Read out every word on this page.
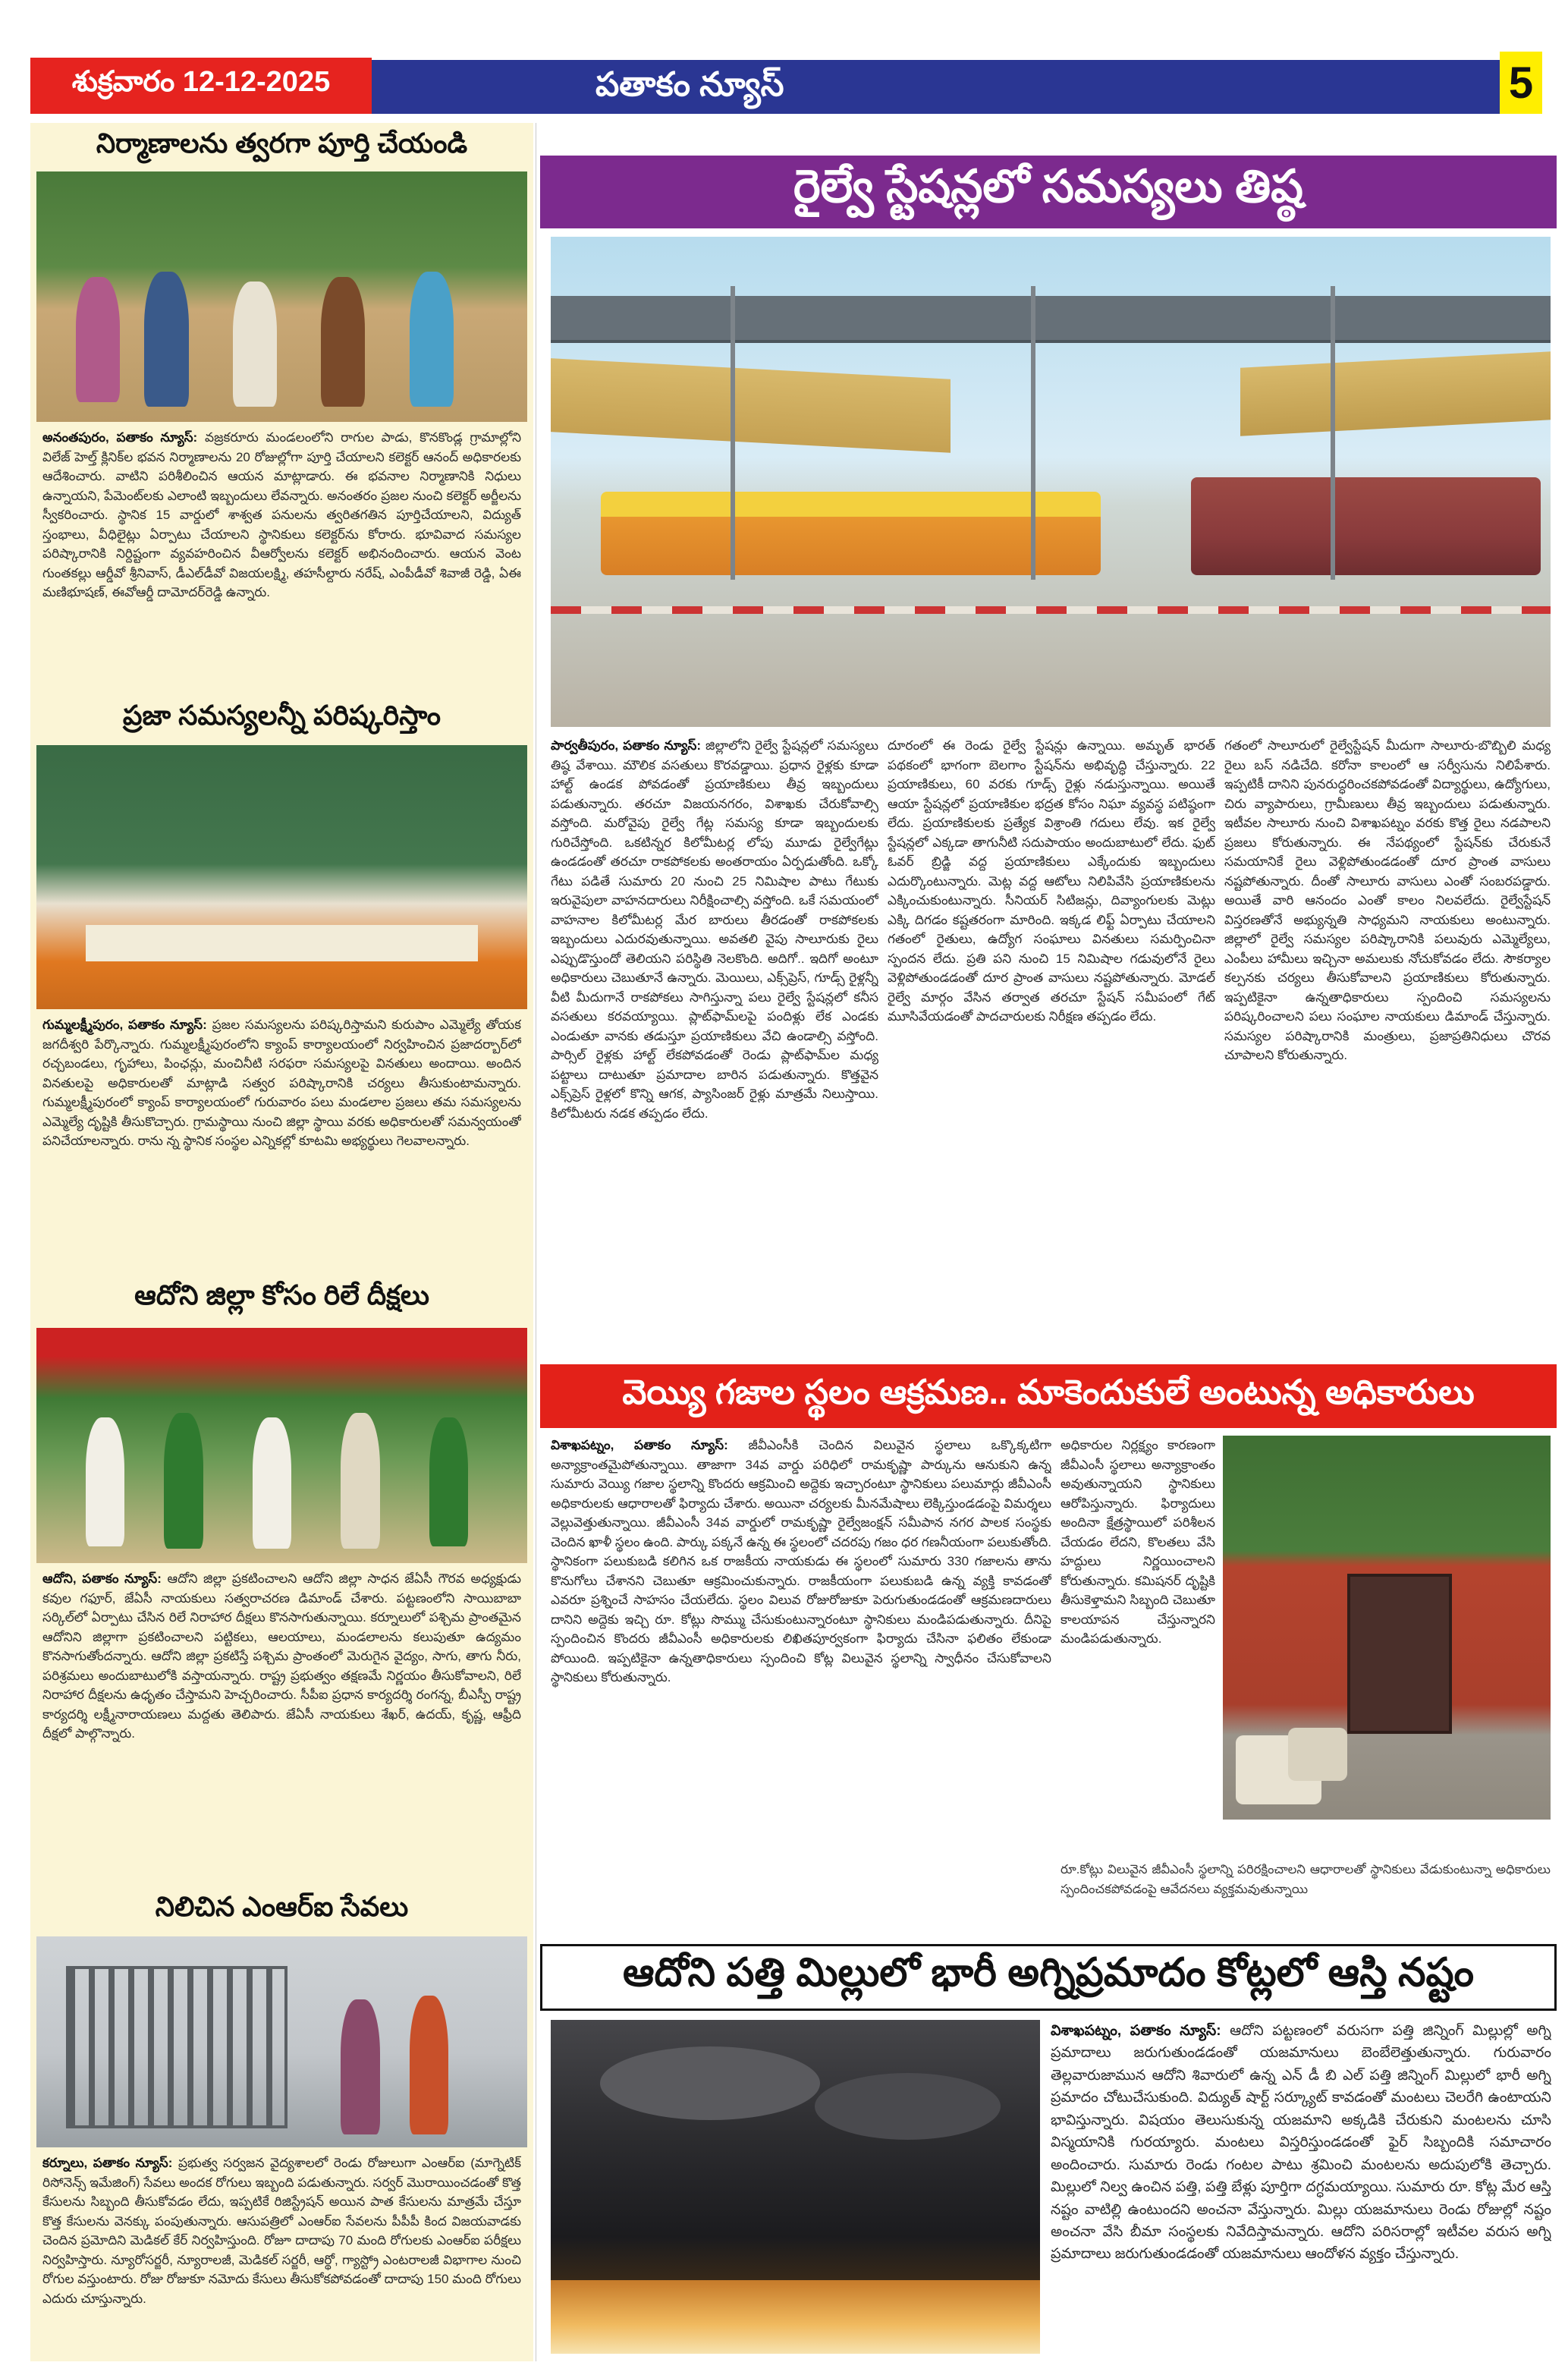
శుక్రవారం 12-12-2025	పతాకం న్యూస్	5
నిర్మాణాలను త్వరగా పూర్తి చేయండి

అనంతపురం, పతాకం న్యూస్: వజ్రకరూరు మండలంలోని రాగుల పాడు, కొనకొండ్ల గ్రామాల్లోని విలేజ్ హెల్త్ క్లినిక్‌ల భవన నిర్మాణాలను 20 రోజుల్లోగా పూర్తి చేయాలని కలెక్టర్ ఆనంద్ అధికారలకు ఆదేశించారు. వాటిని పరిశీలించిన ఆయన మాట్లాడారు. ఈ భవనాల నిర్మాణానికి నిధులు ఉన్నాయని, పేమెంట్‌లకు ఎలాంటి ఇబ్బందులు లేవన్నారు. అనంతరం ప్రజల నుంచి కలెక్టర్ అర్జీలను స్వీకరించారు. స్థానిక 15 వార్డులో శాశ్వత పనులను త్వరితగతిన పూర్తిచేయాలని, విద్యుత్ స్తంభాలు, వీధిలైట్లు ఏర్పాటు చేయాలని స్థానికులు కలెక్టర్‌ను కోరారు. భూవివాద సమస్యల పరిష్కారానికి నిర్దిష్టంగా వ్యవహరించిన వీఆర్వోలను కలెక్టర్ అభినందించారు. ఆయన వెంట గుంతకల్లు ఆర్డీవో శ్రీనివాస్, డీఎల్‌డీవో విజయలక్ష్మి, తహసీల్దారు నరేష్, ఎంపీడీవో శివాజీ రెడ్డి, ఏఈ మణిభూషణ్, ఈవోఆర్డీ దామోదర్‌రెడ్డి ఉన్నారు.

ప్రజా సమస్యలన్నీ పరిష్కరిస్తాం

గుమ్మలక్ష్మీపురం, పతాకం న్యూస్: ప్రజల సమస్యలను పరిష్కరిస్తామని కురుపాం ఎమ్మెల్యే తోయక జగదీశ్వరి పేర్కొన్నారు. గుమ్మలక్ష్మీపురంలోని క్యాంప్ కార్యాలయంలో నిర్వహించిన ప్రజాదర్బార్‌లో రచ్చబండలు, గృహాలు, పింఛన్లు, మంచినీటి సరఫరా సమస్యలపై వినతులు అందాయి. అందిన వినతులపై అధికారులతో మాట్లాడి సత్వర పరిష్కారానికి చర్యలు తీసుకుంటామన్నారు. గుమ్మలక్ష్మీపురంలో క్యాంప్ కార్యాలయంలో గురువారం పలు మండలాల ప్రజలు తమ సమస్యలను ఎమ్మెల్యే దృష్టికి తీసుకొచ్చారు. గ్రామస్థాయి నుంచి జిల్లా స్థాయి వరకు అధికారులతో సమన్వయంతో పనిచేయాలన్నారు. రాను న్న స్థానిక సంస్థల ఎన్నికల్లో కూటమి అభ్యర్థులు గెలవాలన్నారు.

ఆదోని జిల్లా కోసం రిలే దీక్షలు

ఆదోని, పతాకం న్యూస్: ఆదోని జిల్లా ప్రకటించాలని ఆదోని జిల్లా సాధన జేఏసీ గౌరవ అధ్యక్షుడు కవుల గఫూర్, జేఏసీ నాయకులు సత్వరాచరణ డిమాండ్ చేశారు. పట్టణంలోని సాయిబాబా సర్కిల్‌లో ఏర్పాటు చేసిన రిలే నిరాహార దీక్షలు కొనసాగుతున్నాయి. కర్నూలులో పశ్చిమ ప్రాంతమైన ఆదోనిని జిల్లాగా ప్రకటించాలని పట్టికలు, ఆలయాలు, మండలాలను కలుపుతూ ఉద్యమం కొనసాగుతోందన్నారు. ఆదోని జిల్లా ప్రకటిస్తే పశ్చిమ ప్రాంతంలో మెరుగైన వైద్యం, సాగు, తాగు నీరు, పరిశ్రమలు అందుబాటులోకి వస్తాయన్నారు. రాష్ట్ర ప్రభుత్వం తక్షణమే నిర్ణయం తీసుకోవాలని, రిలే నిరాహార దీక్షలను ఉధృతం చేస్తామని హెచ్చరించారు. సీపీఐ ప్రధాన కార్యదర్శి రంగన్న, బీఎస్పీ రాష్ట్ర కార్యదర్శి లక్ష్మీనారాయణలు మద్దతు తెలిపారు. జేఏసీ నాయకులు శేఖర్, ఉదయ్, కృష్ణ, ఆఫ్రీది దీక్షలో పాల్గొన్నారు.

నిలిచిన ఎంఆర్ఐ సేవలు

కర్నూలు, పతాకం న్యూస్: ప్రభుత్వ సర్వజన వైద్యశాలలో రెండు రోజులుగా ఎంఆర్ఐ (మాగ్నెటిక్ రిసోనెన్స్ ఇమేజింగ్) సేవలు అందక రోగులు ఇబ్బంది పడుతున్నారు. సర్వర్ మొరాయించడంతో కొత్త కేసులను సిబ్బంది తీసుకోవడం లేదు, ఇప్పటికే రిజిస్ట్రేషన్ అయిన పాత కేసులను మాత్రమే చేస్తూ కొత్త కేసులను వెనక్కు పంపుతున్నారు. ఆసుపత్రిలో ఎంఆర్ఐ సేవలను పీపీపీ కింద విజయవాడకు చెందిన ప్రమోదిని మెడికల్ కేర్ నిర్వహిస్తుంది. రోజూ దాదాపు 70 మంది రోగులకు ఎంఆర్ఐ పరీక్షలు నిర్వహిస్తారు. న్యూరోసర్జరీ, న్యూరాలజీ, మెడికల్ సర్జరీ, ఆర్థో, గ్యాస్ట్రో ఎంటరాలజీ విభాగాల నుంచి రోగుల వస్తుంటారు. రోజు రోజుకూ నమోదు కేసులు తీసుకోకపోవడంతో దాదాపు 150 మంది రోగులు ఎదురు చూస్తున్నారు.

రైల్వే స్టేషన్లలో సమస్యలు తిష్ఠ

పార్వతీపురం, పతాకం న్యూస్: జిల్లాలోని రైల్వే స్టేషన్లలో సమస్యలు తిష్ఠ వేశాయి. మౌలిక వసతులు కొరవడ్డాయి. ప్రధాన రైళ్లకు కూడా హాల్ట్ ఉండక పోవడంతో ప్రయాణికులు తీవ్ర ఇబ్బందులు పడుతున్నారు. తరచూ విజయనగరం, విశాఖకు చేరుకోవాల్సి వస్తోంది. మరోవైపు రైల్వే గేట్ల సమస్య కూడా ఇబ్బందులకు గురిచేస్తోంది. ఒకటిన్నర కిలోమీటర్ల లోపు మూడు రైల్వేగేట్లు ఉండడంతో తరచూ రాకపోకలకు అంతరాయం ఏర్పడుతోంది. ఒక్కో గేటు పడితే సుమారు 20 నుంచి 25 నిమిషాల పాటు గేటుకు ఇరువైపులా వాహనదారులు నిరీక్షించాల్సి వస్తోంది. ఒకే సమయంలో వాహనాల కిలోమీటర్ల మేర బారులు తీరడంతో రాకపోకలకు ఇబ్బందులు ఎదురవుతున్నాయి. అవతలి వైపు సాలూరుకు రైలు ఎప్పుడొస్తుందో తెలియని పరిస్థితి నెలకొంది. అదిగో.. ఇదిగో అంటూ అధికారులు చెబుతూనే ఉన్నారు. మెయిలు, ఎక్స్‌ప్రెస్, గూడ్స్ రైళ్లన్నీ వీటి మీదుగానే రాకపోకలు సాగిస్తున్నా పలు రైల్వే స్టేషన్లలో కనీస వసతులు కరవయ్యాయి. ప్లాట్‌ఫామ్‌లపై పందిళ్లు లేక ఎండకు ఎండుతూ వానకు తడుస్తూ ప్రయాణికులు వేచి ఉండాల్సి వస్తోంది. పార్సిల్ రైళ్లకు హాల్ట్ లేకపోవడంతో రెండు ప్లాట్‌ఫామ్‌ల మధ్య పట్టాలు దాటుతూ ప్రమాదాల బారిన పడుతున్నారు. కొత్తవైన ఎక్స్‌ప్రెస్ రైళ్లలో కొన్ని ఆగక, ప్యాసింజర్ రైళ్లు మాత్రమే నిలుస్తాయి. కిలోమీటరు నడక తప్పడం లేదు.

దూరంలో ఈ రెండు రైల్వే స్టేషన్లు ఉన్నాయి. అమృత్ భారత్ పథకంలో భాగంగా బెలగాం స్టేషన్‌ను అభివృద్ధి చేస్తున్నారు. 22 ప్రయాణికులు, 60 వరకు గూడ్స్ రైళ్లు నడుస్తున్నాయి. అయితే ఆయా స్టేషన్లలో ప్రయాణికుల భద్రత కోసం నిఘా వ్యవస్థ పటిష్ఠంగా లేదు. ప్రయాణికులకు ప్రత్యేక విశ్రాంతి గదులు లేవు. ఇక రైల్వే స్టేషన్లలో ఎక్కడా తాగునీటి సదుపాయం అందుబాటులో లేదు. ఫుట్ ఓవర్ బ్రిడ్జి వద్ద ప్రయాణికులు ఎక్కేందుకు ఇబ్బందులు ఎదుర్కొంటున్నారు. మెట్ల వద్ద ఆటోలు నిలిపివేసి ప్రయాణికులను ఎక్కించుకుంటున్నారు. సీనియర్ సిటిజన్లు, దివ్యాంగులకు మెట్లు ఎక్కి దిగడం కష్టతరంగా మారింది. ఇక్కడ లిఫ్ట్ ఏర్పాటు చేయాలని గతంలో రైతులు, ఉద్యోగ సంఘాలు వినతులు సమర్పించినా స్పందన లేదు. ప్రతి పని నుంచి 15 నిమిషాల గడువులోనే రైలు వెళ్లిపోతుండడంతో దూర ప్రాంత వాసులు నష్టపోతున్నారు. మోడల్ రైల్వే మార్గం వేసిన తర్వాత తరచూ స్టేషన్ సమీపంలో గేట్ మూసివేయడంతో పాదచారులకు నిరీక్షణ తప్పడం లేదు.

గతంలో సాలూరులో రైల్వేస్టేషన్ మీదుగా సాలూరు-బొబ్బిలి మధ్య రైలు బస్ నడిచేది. కరోనా కాలంలో ఆ సర్వీసును నిలిపేశారు. ఇప్పటికీ దానిని పునరుద్ధరించకపోవడంతో విద్యార్థులు, ఉద్యోగులు, చిరు వ్యాపారులు, గ్రామీణులు తీవ్ర ఇబ్బందులు పడుతున్నారు. ఇటీవల సాలూరు నుంచి విశాఖపట్నం వరకు కొత్త రైలు నడపాలని ప్రజలు కోరుతున్నారు. ఈ నేపథ్యంలో స్టేషన్‌కు చేరుకునే సమయానికే రైలు వెళ్లిపోతుండడంతో దూర ప్రాంత వాసులు నష్టపోతున్నారు. దీంతో సాలూరు వాసులు ఎంతో సంబరపడ్డారు. అయితే వారి ఆనందం ఎంతో కాలం నిలవలేదు. రైల్వేస్టేషన్ విస్తరణతోనే అభ్యున్నతి సాధ్యమని నాయకులు అంటున్నారు. జిల్లాలో రైల్వే సమస్యల పరిష్కారానికి పలువురు ఎమ్మెల్యేలు, ఎంపీలు హామీలు ఇచ్చినా అమలుకు నోచుకోవడం లేదు. సౌకర్యాల కల్పనకు చర్యలు తీసుకోవాలని ప్రయాణికులు కోరుతున్నారు. ఇప్పటికైనా ఉన్నతాధికారులు స్పందించి సమస్యలను పరిష్కరించాలని పలు సంఘాల నాయకులు డిమాండ్ చేస్తున్నారు. సమస్యల పరిష్కారానికి మంత్రులు, ప్రజాప్రతినిధులు చొరవ చూపాలని కోరుతున్నారు.

వెయ్యి గజాల స్థలం ఆక్రమణ.. మాకెందుకులే అంటున్న అధికారులు

విశాఖపట్నం, పతాకం న్యూస్: జీవీఎంసీకి చెందిన విలువైన స్థలాలు ఒక్కొక్కటిగా అన్యాక్రాంతమైపోతున్నాయి. తాజాగా 34వ వార్డు పరిధిలో రామకృష్ణా పార్కును ఆనుకుని ఉన్న సుమారు వెయ్యి గజాల స్థలాన్ని కొందరు ఆక్రమించి అద్దెకు ఇచ్చారంటూ స్థానికులు పలుమార్లు జీవీఎంసీ అధికారులకు ఆధారాలతో ఫిర్యాదు చేశారు. అయినా చర్యలకు మీనమేషాలు లెక్కిస్తుండడంపై విమర్శలు వెల్లువెత్తుతున్నాయి. జీవీఎంసీ 34వ వార్డులో రామకృష్ణా రైల్వేజంక్షన్ సమీపాన నగర పాలక సంస్థకు చెందిన ఖాళీ స్థలం ఉంది. పార్కు పక్కనే ఉన్న ఈ స్థలంలో చదరపు గజం ధర గణనీయంగా పలుకుతోంది. స్థానికంగా పలుకుబడి కలిగిన ఒక రాజకీయ నాయకుడు ఈ స్థలంలో సుమారు 330 గజాలను తాను కొనుగోలు చేశానని చెబుతూ ఆక్రమించుకున్నారు. రాజకీయంగా పలుకుబడి ఉన్న వ్యక్తి కావడంతో ఎవరూ ప్రశ్నించే సాహసం చేయలేదు. స్థలం విలువ రోజురోజుకూ పెరుగుతుండడంతో ఆక్రమణదారులు దానిని అద్దెకు ఇచ్చి రూ. కోట్లు సొమ్ము చేసుకుంటున్నారంటూ స్థానికులు మండిపడుతున్నారు. దీనిపై స్పందించిన కొందరు జీవీఎంసీ అధికారులకు లిఖితపూర్వకంగా ఫిర్యాదు చేసినా ఫలితం లేకుండా పోయింది. ఇప్పటికైనా ఉన్నతాధికారులు స్పందించి కోట్ల విలువైన స్థలాన్ని స్వాధీనం చేసుకోవాలని స్థానికులు కోరుతున్నారు.

అధికారుల నిర్లక్ష్యం కారణంగా జీవీఎంసీ స్థలాలు అన్యాక్రాంతం అవుతున్నాయని స్థానికులు ఆరోపిస్తున్నారు. ఫిర్యాదులు అందినా క్షేత్రస్థాయిలో పరిశీలన చేయడం లేదని, కొలతలు వేసి హద్దులు నిర్ణయించాలని కోరుతున్నారు. కమిషనర్ దృష్టికి తీసుకెళ్తామని సిబ్బంది చెబుతూ కాలయాపన చేస్తున్నారని మండిపడుతున్నారు.

రూ.కోట్లు విలువైన జీవీఎంసీ స్థలాన్ని పరిరక్షించాలని ఆధారాలతో స్థానికులు వేడుకుంటున్నా అధికారులు స్పందించకపోవడంపై ఆవేదనలు వ్యక్తమవుతున్నాయి

ఆదోని పత్తి మిల్లులో భారీ అగ్నిప్రమాదం కోట్లలో ఆస్తి నష్టం

విశాఖపట్నం, పతాకం న్యూస్: ఆదోని పట్టణంలో వరుసగా పత్తి జిన్నింగ్ మిల్లుల్లో అగ్ని ప్రమాదాలు జరుగుతుండడంతో యజమానులు బెంబేలెత్తుతున్నారు. గురువారం తెల్లవారుజామున ఆదోని శివారులో ఉన్న ఎన్ డీ బి ఎల్ పత్తి జిన్నింగ్ మిల్లులో భారీ అగ్ని ప్రమాదం చోటుచేసుకుంది. విద్యుత్ షార్ట్ సర్క్యూట్ కావడంతో మంటలు చెలరేగి ఉంటాయని భావిస్తున్నారు. విషయం తెలుసుకున్న యజమాని అక్కడికి చేరుకుని మంటలను చూసి విస్మయానికి గురయ్యారు. మంటలు విస్తరిస్తుండడంతో ఫైర్ సిబ్బందికి సమాచారం అందించారు. సుమారు రెండు గంటల పాటు శ్రమించి మంటలను అదుపులోకి తెచ్చారు. మిల్లులో నిల్వ ఉంచిన పత్తి, పత్తి బేళ్లు పూర్తిగా దగ్ధమయ్యాయి. సుమారు రూ. కోట్ల మేర ఆస్తి నష్టం వాటిల్లి ఉంటుందని అంచనా వేస్తున్నారు. మిల్లు యజమానులు రెండు రోజుల్లో నష్టం అంచనా వేసి బీమా సంస్థలకు నివేదిస్తామన్నారు. ఆదోని పరిసరాల్లో ఇటీవల వరుస అగ్ని ప్రమాదాలు జరుగుతుండడంతో యజమానులు ఆందోళన వ్యక్తం చేస్తున్నారు.
